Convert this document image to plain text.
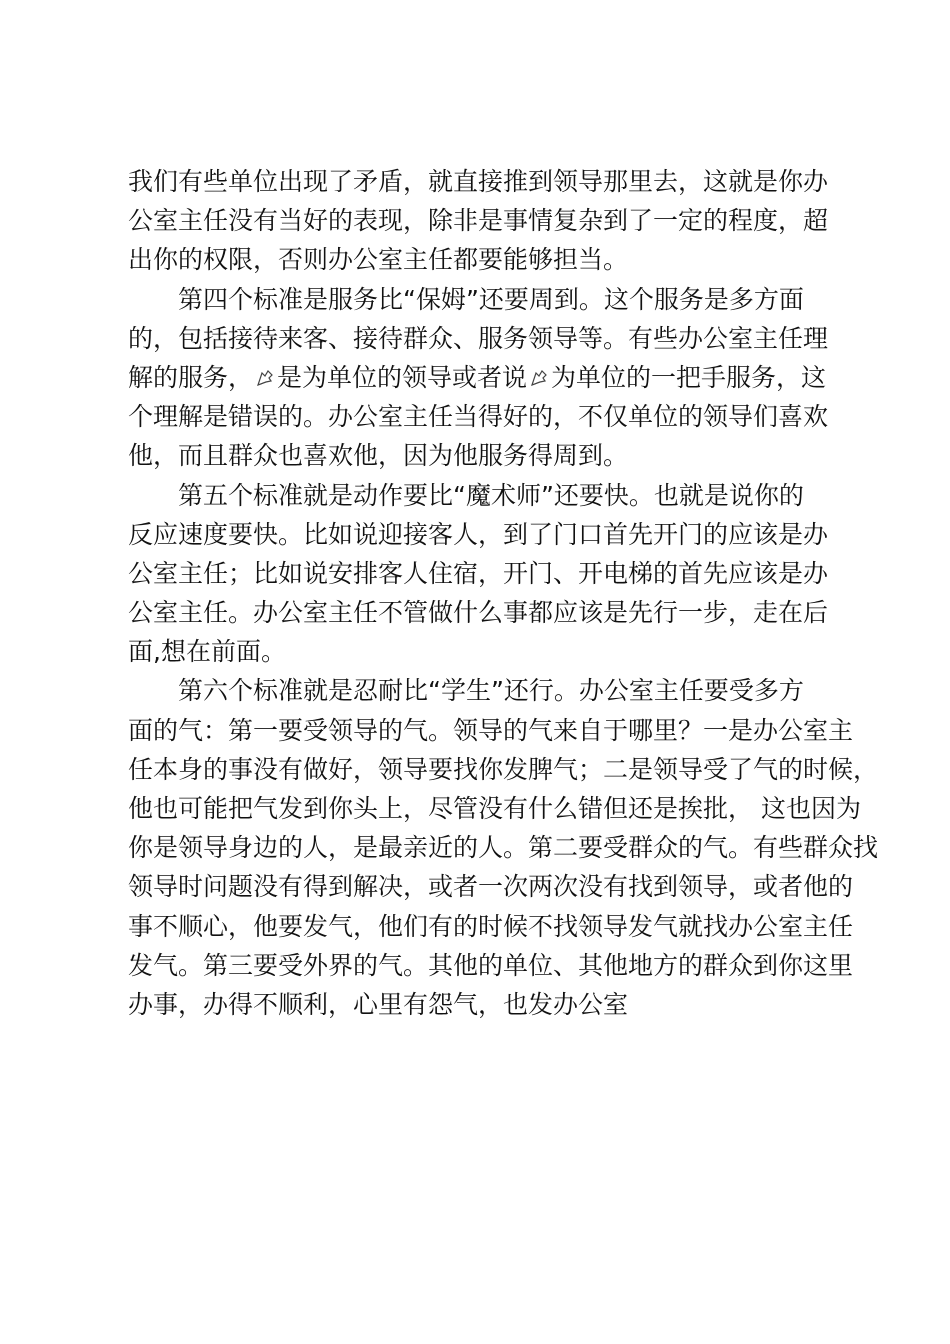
我们有些单位出现了矛盾，就直接推到领导那里去，这就是你办
公室主任没有当好的表现，除非是事情复杂到了一定的程度，超
出你的权限，否则办公室主任都要能够担当。
第四个标准是服务比“保姆”还要周到。这个服务是多方面
的，包括接待来客、接待群众、服务领导等。有些办公室主任理
解的服务， 是为单位的领导或者说 为单位的一把手服务，这
个理解是错误的。办公室主任当得好的，不仅单位的领导们喜欢
他，而且群众也喜欢他，因为他服务得周到。
第五个标准就是动作要比“魔术师”还要快。也就是说你的
反应速度要快。比如说迎接客人，到了门口首先开门的应该是办
公室主任；比如说安排客人住宿，开门、开电梯的首先应该是办
公室主任。办公室主任不管做什么事都应该是先行一步，走在后
面,想在前面。
第六个标准就是忍耐比“学生”还行。办公室主任要受多方
面的气：第一要受领导的气。领导的气来自于哪里？一是办公室主
任本身的事没有做好，领导要找你发脾气；二是领导受了气的时候，
他也可能把气发到你头上，尽管没有什么错但还是挨批， 这也因为
你是领导身边的人，是最亲近的人。第二要受群众的气。有些群众找
领导时问题没有得到解决，或者一次两次没有找到领导，或者他的
事不顺心，他要发气，他们有的时候不找领导发气就找办公室主任
发气。第三要受外界的气。其他的单位、其他地方的群众到你这里
办事，办得不顺利，心里有怨气，也发办公室
